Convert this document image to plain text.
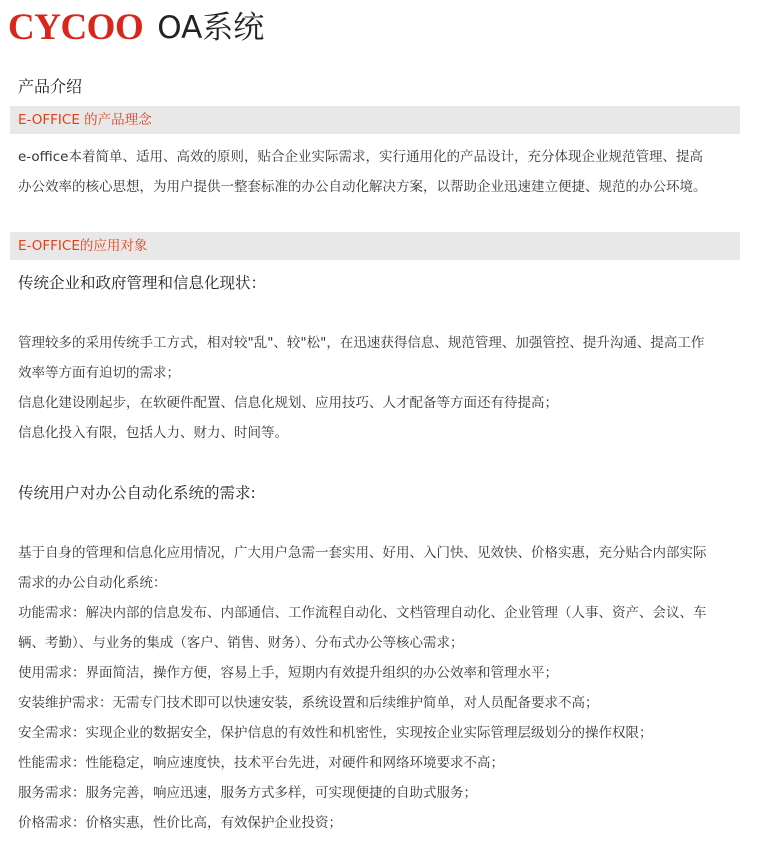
CYCOO OA系统
产品介绍
E-OFFICE 的产品理念
e-office本着简单、适用、高效的原则，贴合企业实际需求，实行通用化的产品设计，充分体现企业规范管理、提高
办公效率的核心思想，为用户提供一整套标准的办公自动化解决方案，以帮助企业迅速建立便捷、规范的办公环境。
E-OFFICE的应用对象
传统企业和政府管理和信息化现状：
管理较多的采用传统手工方式，相对较"乱"、较"松"，在迅速获得信息、规范管理、加强管控、提升沟通、提高工作
效率等方面有迫切的需求；
信息化建设刚起步，在软硬件配置、信息化规划、应用技巧、人才配备等方面还有待提高；
信息化投入有限，包括人力、财力、时间等。
传统用户对办公自动化系统的需求:
基于自身的管理和信息化应用情况，广大用户急需一套实用、好用、入门快、见效快、价格实惠，充分贴合内部实际
需求的办公自动化系统：
功能需求：解决内部的信息发布、内部通信、工作流程自动化、文档管理自动化、企业管理（人事、资产、会议、车
辆、考勤）、与业务的集成（客户、销售、财务）、分布式办公等核心需求；
使用需求：界面简洁，操作方便，容易上手，短期内有效提升组织的办公效率和管理水平；
安装维护需求：无需专门技术即可以快速安装，系统设置和后续维护简单，对人员配备要求不高；
安全需求：实现企业的数据安全，保护信息的有效性和机密性，实现按企业实际管理层级划分的操作权限；
性能需求：性能稳定，响应速度快，技术平台先进，对硬件和网络环境要求不高；
服务需求：服务完善，响应迅速，服务方式多样，可实现便捷的自助式服务；
价格需求：价格实惠，性价比高，有效保护企业投资；
